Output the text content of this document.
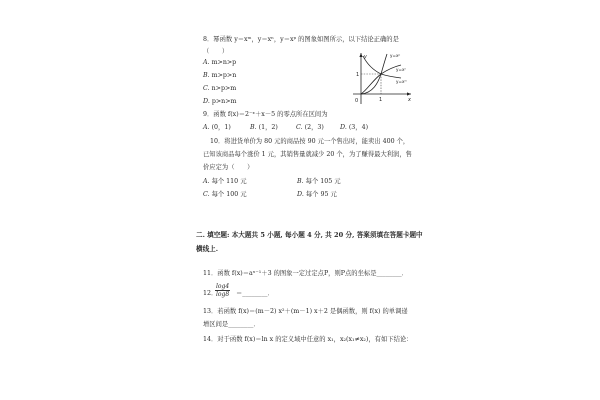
8．幂函数 y＝xᵐ，y＝xⁿ，y＝xᵖ 的图象如图所示，以下结论正确的是
（　　）
A. m>n>p
B. m>p>n
C. n>p>m
D. p>n>m
y
x
0	1
1
y=xᵖ
y=xⁿ
y=xᵐ
9．函数 f(x)＝2⁻ˣ＋x－5 的零点所在区间为
A. (0，1)	B. (1，2)	C. (2，3)	D. (3，4)
10．将进货单价为 80 元的商品按 90 元一个售出时，能卖出 400 个，
已知该商品每个涨价 1 元，其销售量就减少 20 个，为了赚得最大利润，售
价应定为（　　）
A. 每个 110 元	B. 每个 105 元
C. 每个 100 元	D. 每个 95 元
二. 填空题: 本大题共 5 小题, 每小题 4 分, 共 20 分, 答案须填在答题卡题中
横线上.
11．函数 f(x)＝aˣ⁻¹＋3 的图象一定过定点P，则P点的坐标是________．
12．
$\frac{\log 4}{\log 8}$ ＝________．
13．若函数 f(x)＝(m－2) x²＋(m－1) x＋2 是偶函数，则 f(x) 的单调递
增区间是________．
14．对于函数 f(x)＝ln x 的定义域中任意的 x₁，x₂(x₁≠x₂)，有如下结论：
